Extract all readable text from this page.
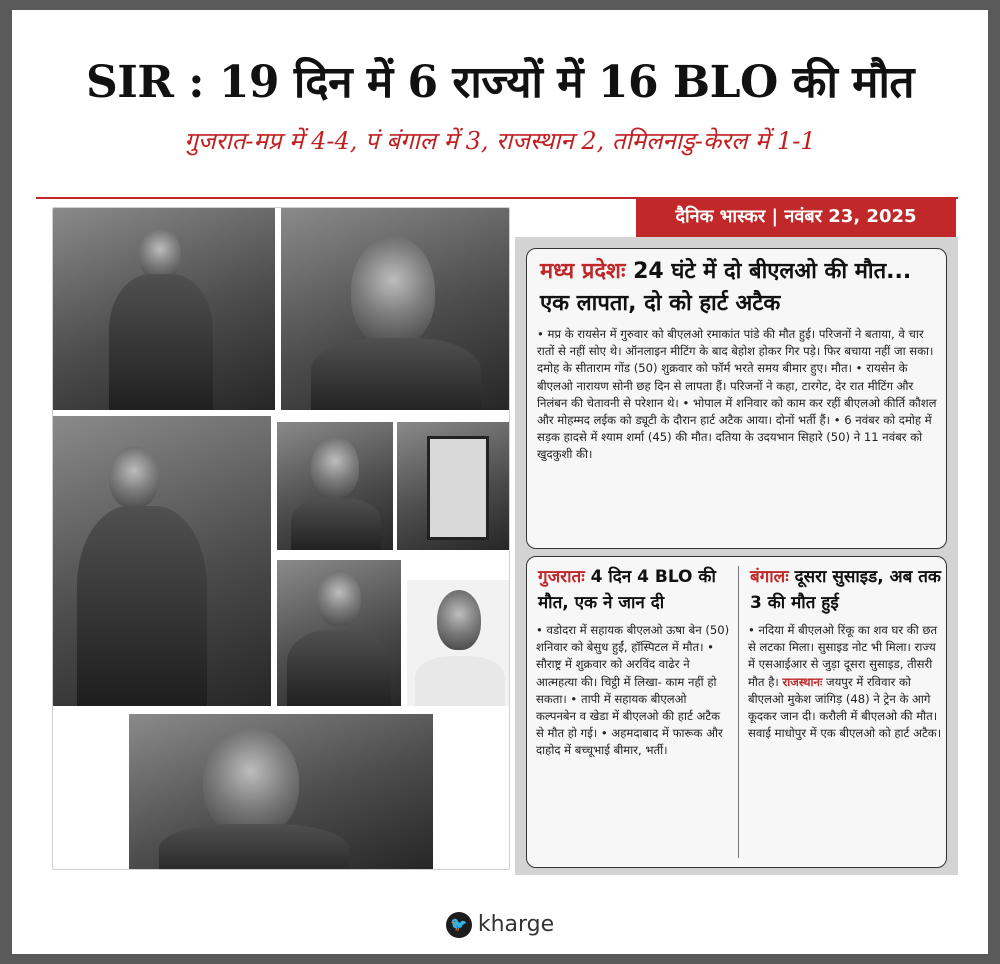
SIR : 19 दिन में 6 राज्यों में 16 BLO की मौत
गुजरात-मप्र में 4-4, पं बंगाल में 3, राजस्थान 2, तमिलनाडु-केरल में 1-1
दैनिक भास्कर | नवंबर 23, 2025
मध्य प्रदेशः 24 घंटे में दो बीएलओ की मौत... एक लापता, दो को हार्ट अटैक
• मप्र के रायसेन में गुरुवार को बीएलओ रमाकांत पांडे की मौत हुई। परिजनों ने बताया, वे चार रातों से नहीं सोए थे। ऑनलाइन मीटिंग के बाद बेहोश होकर गिर पड़े। फिर बचाया नहीं जा सका। दमोह के सीताराम गोंड (50) शुक्रवार को फॉर्म भरते समय बीमार हुए। मौत। • रायसेन के बीएलओ नारायण सोनी छह दिन से लापता हैं। परिजनों ने कहा, टारगेट, देर रात मीटिंग और निलंबन की चेतावनी से परेशान थे। • भोपाल में शनिवार को काम कर रहीं बीएलओ कीर्ति कौशल और मोहम्मद लईक को ड्यूटी के दौरान हार्ट अटैक आया। दोनों भर्ती हैं। • 6 नवंबर को दमोह में सड़क हादसे में श्याम शर्मा (45) की मौत। दतिया के उदयभान सिहारे (50) ने 11 नवंबर को खुदकुशी की।
गुजरातः 4 दिन 4 BLO की मौत, एक ने जान दी
• वडोदरा में सहायक बीएलओ ऊषा बेन (50) शनिवार को बेसुध हुईं, हॉस्पिटल में मौत। • सौराष्ट्र में शुक्रवार को अरविंद वाढेर ने आत्महत्या की। चिट्ठी में लिखा- काम नहीं हो सकता। • तापी में सहायक बीएलओ कल्पनबेन व खेडा में बीएलओ की हार्ट अटैक से मौत हो गई। • अहमदाबाद में फारूक और दाहोद में बच्चूभाई बीमार, भर्ती।
बंगालः दूसरा सुसाइड, अब तक 3 की मौत हुई
• नदिया में बीएलओ रिंकू का शव घर की छत से लटका मिला। सुसाइड नोट भी मिला। राज्य में एसआईआर से जुड़ा दूसरा सुसाइड, तीसरी मौत है। राजस्थानः जयपुर में रविवार को बीएलओ मुकेश जांगिड़ (48) ने ट्रेन के आगे कूदकर जान दी। करौली में बीएलओ की मौत। सवाई माधोपुर में एक बीएलओ को हार्ट अटैक।
🐦 kharge
